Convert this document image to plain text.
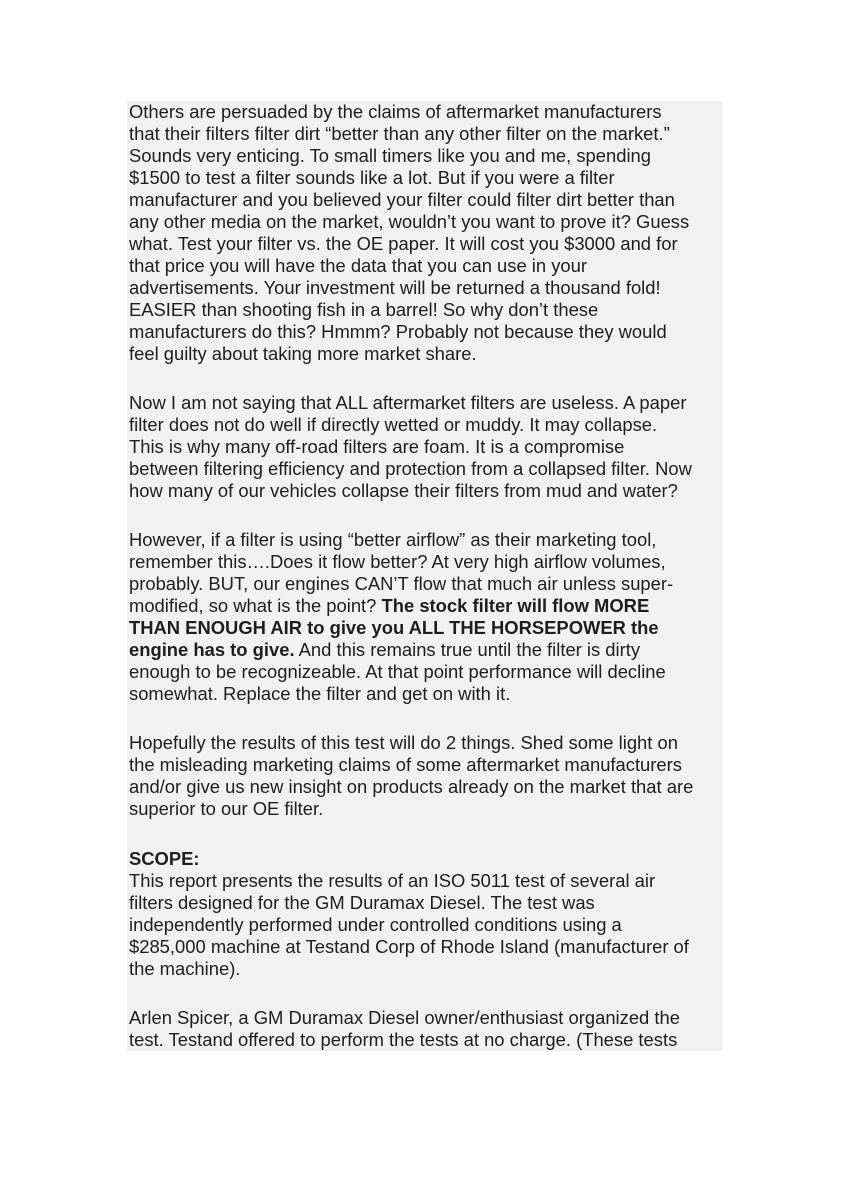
Others are persuaded by the claims of aftermarket manufacturers
that their filters filter dirt “better than any other filter on the market.”
Sounds very enticing. To small timers like you and me, spending
$1500 to test a filter sounds like a lot. But if you were a filter
manufacturer and you believed your filter could filter dirt better than
any other media on the market, wouldn’t you want to prove it? Guess
what. Test your filter vs. the OE paper. It will cost you $3000 and for
that price you will have the data that you can use in your
advertisements. Your investment will be returned a thousand fold!
EASIER than shooting fish in a barrel! So why don’t these
manufacturers do this? Hmmm? Probably not because they would
feel guilty about taking more market share.

Now I am not saying that ALL aftermarket filters are useless. A paper
filter does not do well if directly wetted or muddy. It may collapse.
This is why many off-road filters are foam. It is a compromise
between filtering efficiency and protection from a collapsed filter. Now
how many of our vehicles collapse their filters from mud and water?

However, if a filter is using “better airflow” as their marketing tool,
remember this….Does it flow better? At very high airflow volumes,
probably. BUT, our engines CAN’T flow that much air unless super-
modified, so what is the point? The stock filter will flow MORE
THAN ENOUGH AIR to give you ALL THE HORSEPOWER the
engine has to give. And this remains true until the filter is dirty
enough to be recognizeable. At that point performance will decline
somewhat. Replace the filter and get on with it.

Hopefully the results of this test will do 2 things. Shed some light on
the misleading marketing claims of some aftermarket manufacturers
and/or give us new insight on products already on the market that are
superior to our OE filter.

SCOPE:

This report presents the results of an ISO 5011 test of several air
filters designed for the GM Duramax Diesel. The test was
independently performed under controlled conditions using a
$285,000 machine at Testand Corp of Rhode Island (manufacturer of
the machine).

Arlen Spicer, a GM Duramax Diesel owner/enthusiast organized the
test. Testand offered to perform the tests at no charge. (These tests
